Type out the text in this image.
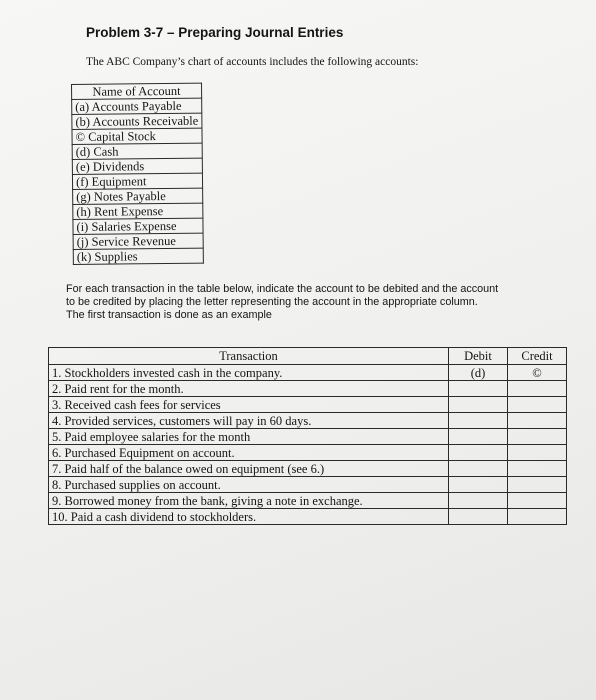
Problem 3-7 – Preparing Journal Entries
The ABC Company’s chart of accounts includes the following accounts:
Name of Account
(a) Accounts Payable
(b) Accounts Receivable
© Capital Stock
(d) Cash
(e) Dividends
(f) Equipment
(g) Notes Payable
(h) Rent Expense
(i) Salaries Expense
(j) Service Revenue
(k) Supplies
For each transaction in the table below, indicate the account to be debited and the account
to be credited by placing the letter representing the account in the appropriate column.
The first transaction is done as an example
Transaction	Debit	Credit
1. Stockholders invested cash in the company.	(d)	©
2. Paid rent for the month.		
3. Received cash fees for services		
4. Provided services, customers will pay in 60 days.		
5. Paid employee salaries for the month		
6. Purchased Equipment on account.		
7. Paid half of the balance owed on equipment (see 6.)		
8. Purchased supplies on account.		
9. Borrowed money from the bank, giving a note in exchange.		
10. Paid a cash dividend to stockholders.		
